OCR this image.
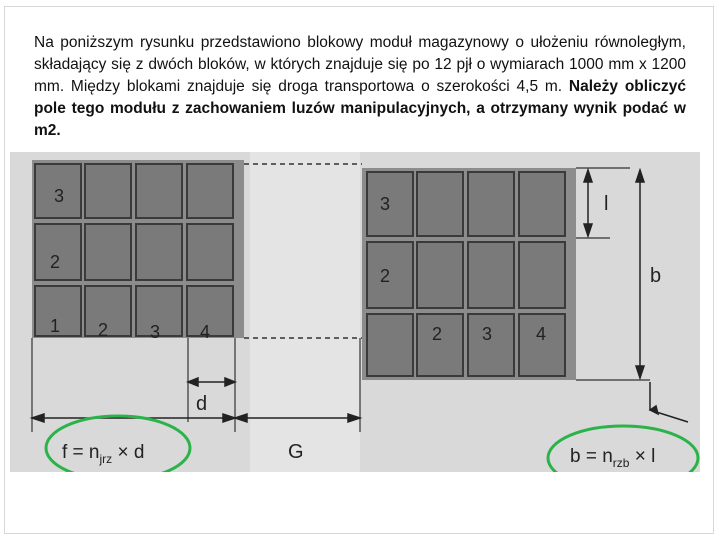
Na poniższym rysunku przedstawiono blokowy moduł magazynowy o ułożeniu równoległym, składający się z dwóch bloków, w których znajduje się po 12 pjł o wymiarach 1000 mm x 1200 mm. Między blokami znajduje się droga transportowa o szerokości 4,5 m. Należy obliczyć pole tego modułu z zachowaniem luzów manipulacyjnych, a otrzymany wynik podać w m2.
3
2
1 2 3 4
3
2
2 3 4
d
G
l
b
$f = n_{jrz} \times d$	$b = n_{rzb} \times l$
